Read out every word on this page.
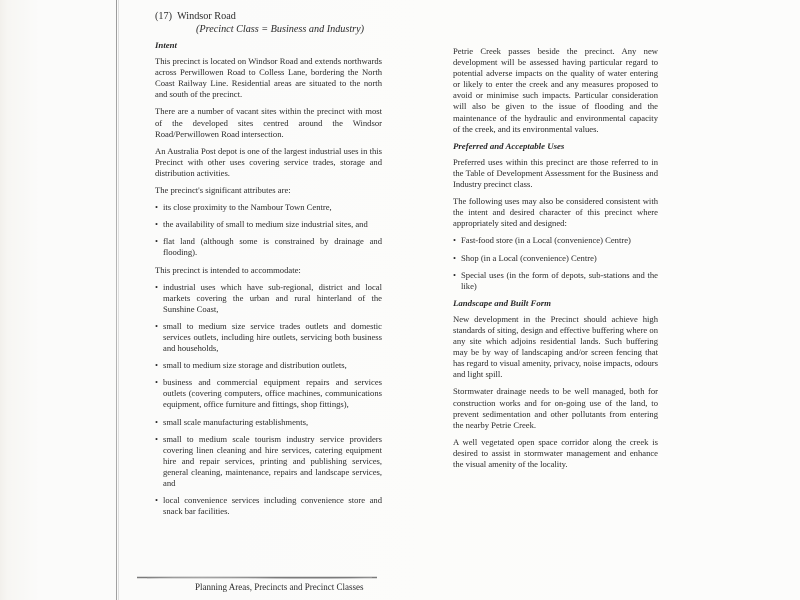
(17) Windsor Road
(Precinct Class = Business and Industry)
Intent

This precinct is located on Windsor Road and extends northwards across Perwillowen Road to Colless Lane, bordering the North Coast Railway Line. Residential areas are situated to the north and south of the precinct.

There are a number of vacant sites within the precinct with most of the developed sites centred around the Windsor Road/Perwillowen Road intersection.

An Australia Post depot is one of the largest industrial uses in this Precinct with other uses covering service trades, storage and distribution activities.

The precinct's significant attributes are:

• its close proximity to the Nambour Town Centre,
• the availability of small to medium size industrial sites, and
• flat land (although some is constrained by drainage and flooding).

This precinct is intended to accommodate:

• industrial uses which have sub-regional, district and local markets covering the urban and rural hinterland of the Sunshine Coast,
• small to medium size service trades outlets and domestic services outlets, including hire outlets, servicing both business and households,
• small to medium size storage and distribution outlets,
• business and commercial equipment repairs and services outlets (covering computers, office machines, communications equipment, office furniture and fittings, shop fittings),
• small scale manufacturing establishments,
• small to medium scale tourism industry service providers covering linen cleaning and hire services, catering equipment hire and repair services, printing and publishing services, general cleaning, maintenance, repairs and landscape services, and
• local convenience services including convenience store and snack bar facilities.

Petrie Creek passes beside the precinct. Any new development will be assessed having particular regard to potential adverse impacts on the quality of water entering or likely to enter the creek and any measures proposed to avoid or minimise such impacts. Particular consideration will also be given to the issue of flooding and the maintenance of the hydraulic and environmental capacity of the creek, and its environmental values.

Preferred and Acceptable Uses

Preferred uses within this precinct are those referred to in the Table of Development Assessment for the Business and Industry precinct class.

The following uses may also be considered consistent with the intent and desired character of this precinct where appropriately sited and designed:

• Fast-food store (in a Local (convenience) Centre)
• Shop (in a Local (convenience) Centre)
• Special uses (in the form of depots, sub-stations and the like)
Landscape and Built Form

New development in the Precinct should achieve high standards of siting, design and effective buffering where on any site which adjoins residential lands. Such buffering may be by way of landscaping and/or screen fencing that has regard to visual amenity, privacy, noise impacts, odours and light spill.

Stormwater drainage needs to be well managed, both for construction works and for on-going use of the land, to prevent sedimentation and other pollutants from entering the nearby Petrie Creek.

A well vegetated open space corridor along the creek is desired to assist in stormwater management and enhance the visual amenity of the locality.

Planning Areas, Precincts and Precinct Classes
